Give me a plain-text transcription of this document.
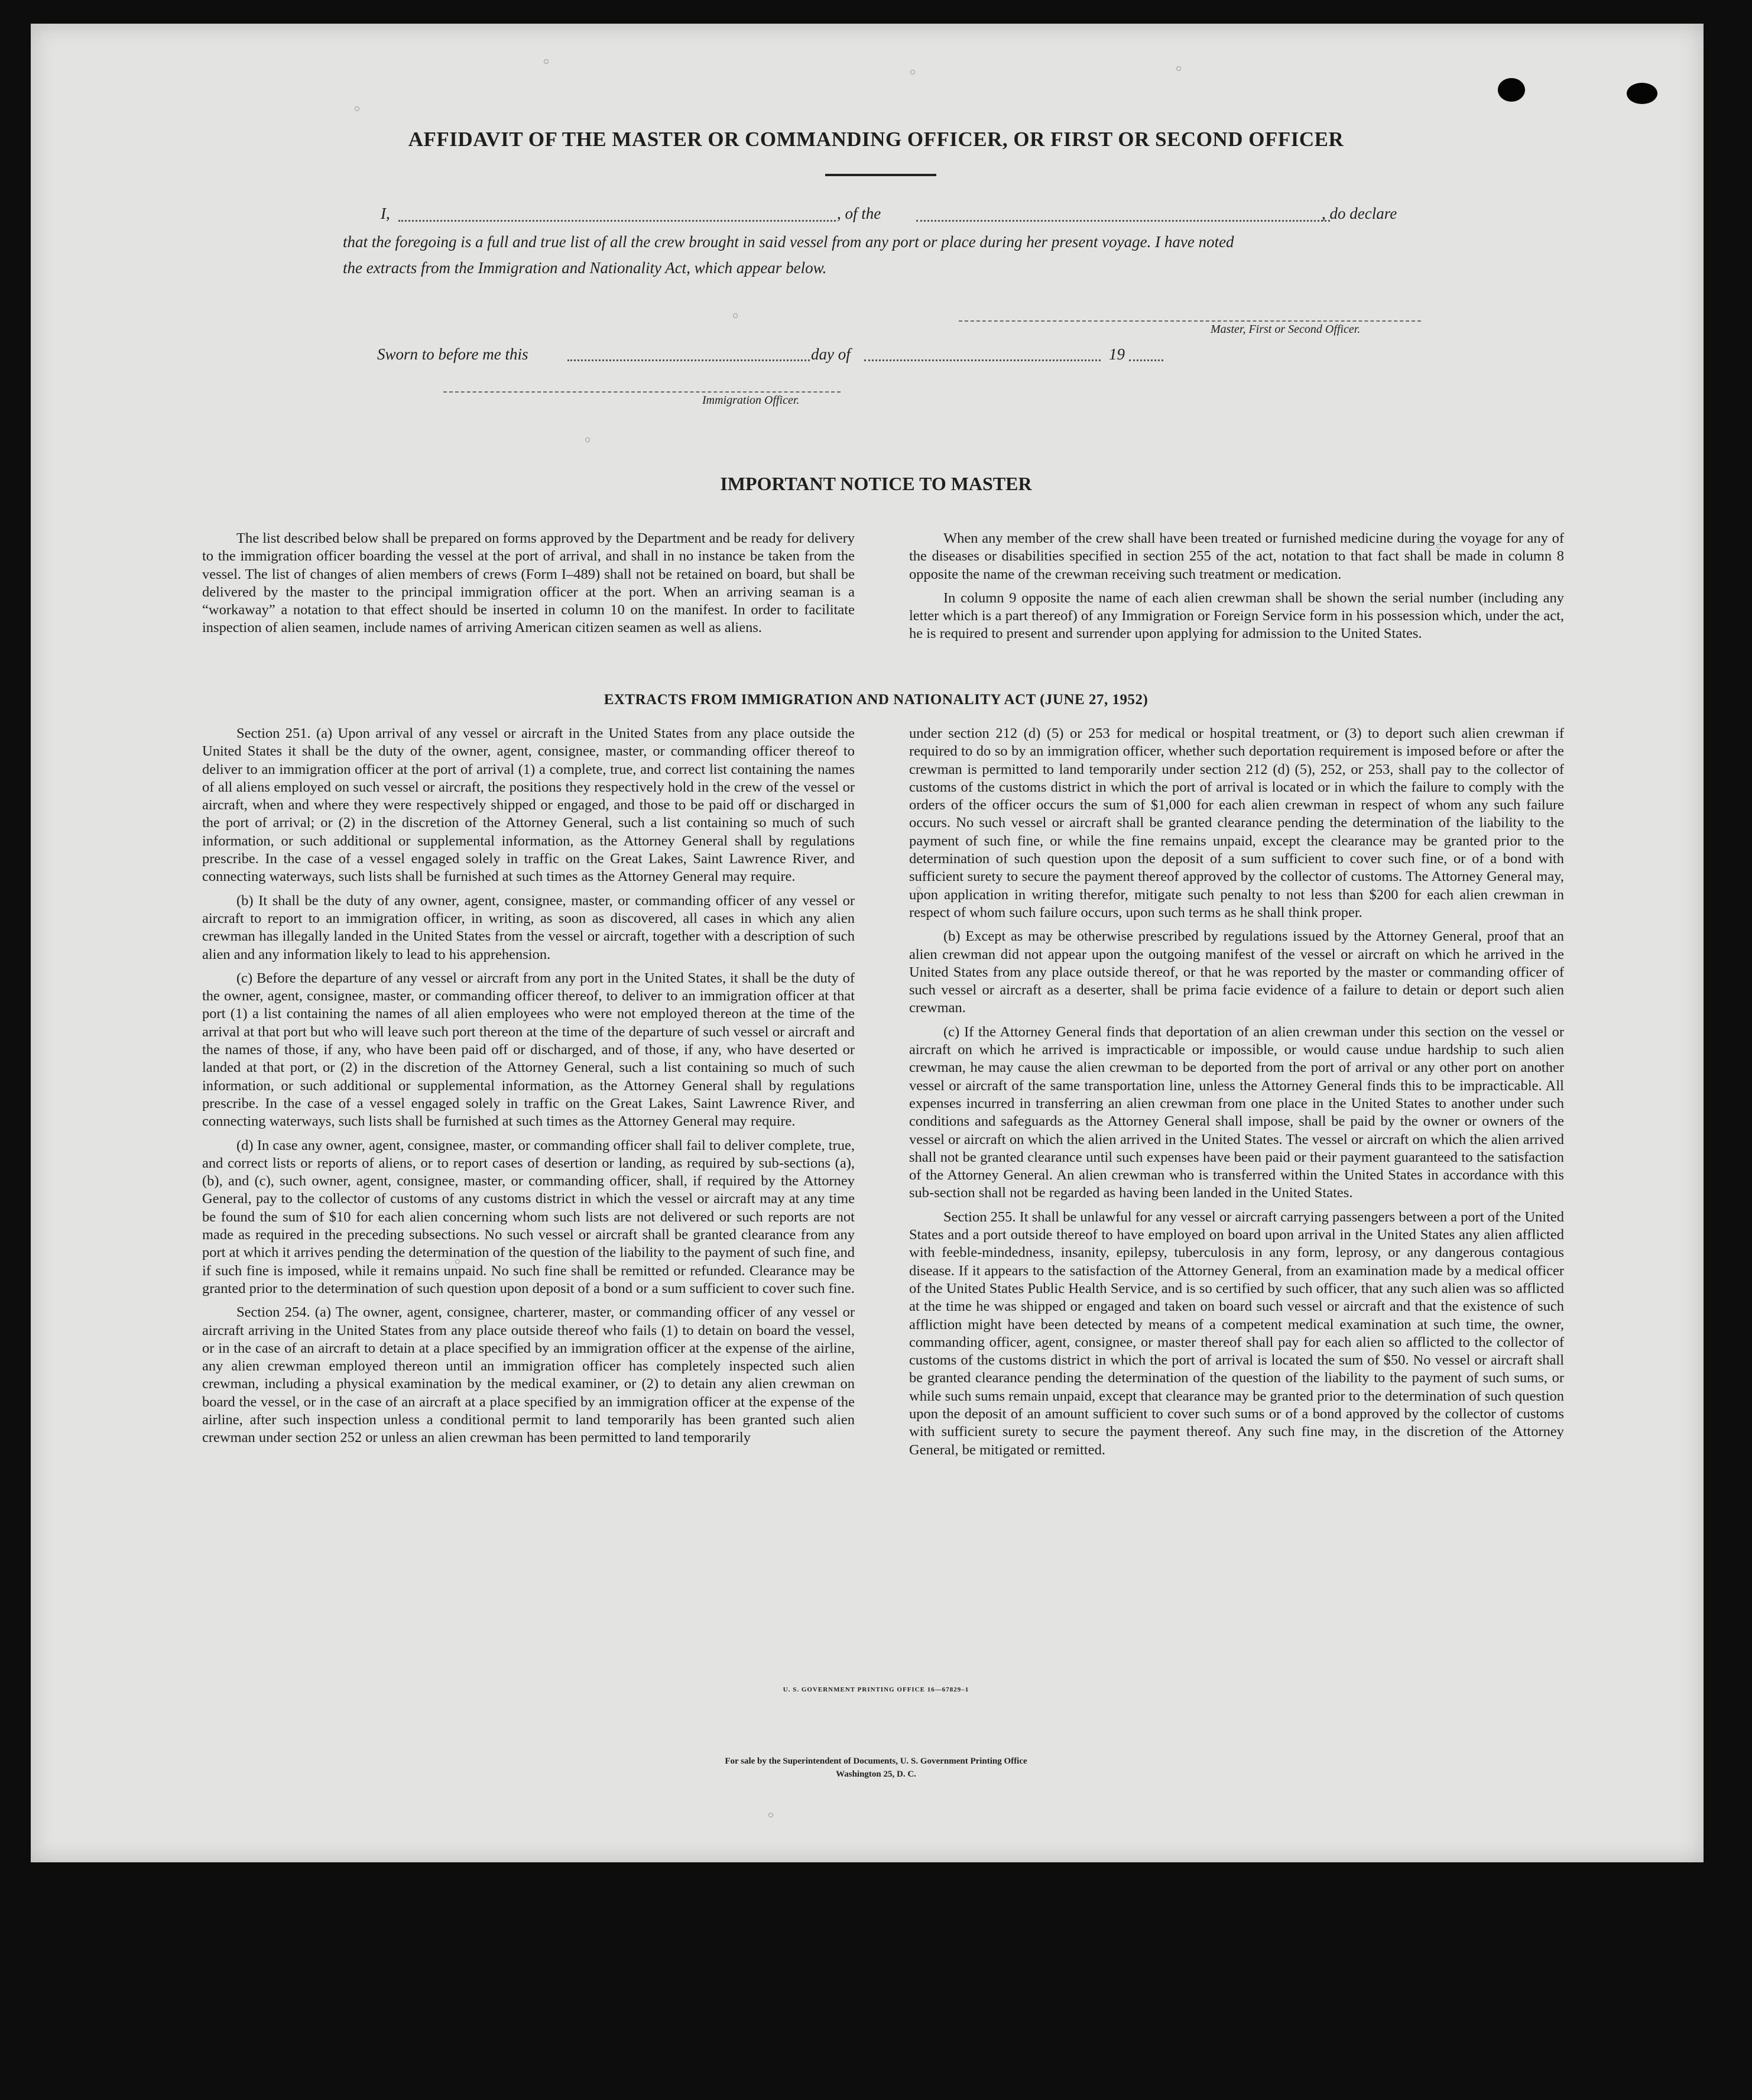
AFFIDAVIT OF THE MASTER OR COMMANDING OFFICER, OR FIRST OR SECOND OFFICER
I,	, of the	, do declare
that the foregoing is a full and true list of all the crew brought in said vessel from any port or place during her present voyage. I have noted
the extracts from the Immigration and Nationality Act, which appear below.
Master, First or Second Officer.
Sworn to before me this	day of	19
Immigration Officer.
IMPORTANT NOTICE TO MASTER

The list described below shall be prepared on forms approved by the Department and be ready for delivery to the immigration officer boarding the vessel at the port of arrival, and shall in no instance be taken from the vessel. The list of changes of alien members of crews (Form I–489) shall not be retained on board, but shall be delivered by the master to the principal immigration officer at the port. When an arriving seaman is a “workaway” a notation to that effect should be inserted in column 10 on the manifest. In order to facilitate inspection of alien seamen, include names of arriving American citizen seamen as well as aliens.

When any member of the crew shall have been treated or furnished medicine during the voyage for any of the diseases or disabilities specified in section 255 of the act, notation to that fact shall be made in column 8 opposite the name of the crewman receiving such treatment or medication.

In column 9 opposite the name of each alien crewman shall be shown the serial number (including any letter which is a part thereof) of any Immigration or Foreign Service form in his possession which, under the act, he is required to present and surrender upon applying for admission to the United States.

EXTRACTS FROM IMMIGRATION AND NATIONALITY ACT (JUNE 27, 1952)

Section 251. (a) Upon arrival of any vessel or aircraft in the United States from any place outside the United States it shall be the duty of the owner, agent, consignee, master, or commanding officer thereof to deliver to an immigration officer at the port of arrival (1) a complete, true, and correct list containing the names of all aliens employed on such vessel or aircraft, the positions they respectively hold in the crew of the vessel or aircraft, when and where they were respectively shipped or engaged, and those to be paid off or discharged in the port of arrival; or (2) in the discretion of the Attorney General, such a list containing so much of such information, or such additional or supplemental information, as the Attorney General shall by regulations prescribe. In the case of a vessel engaged solely in traffic on the Great Lakes, Saint Lawrence River, and connecting waterways, such lists shall be furnished at such times as the Attorney General may require.

(b) It shall be the duty of any owner, agent, consignee, master, or commanding officer of any vessel or aircraft to report to an immigration officer, in writing, as soon as discovered, all cases in which any alien crewman has illegally landed in the United States from the vessel or aircraft, together with a description of such alien and any information likely to lead to his apprehension.

(c) Before the departure of any vessel or aircraft from any port in the United States, it shall be the duty of the owner, agent, consignee, master, or commanding officer thereof, to deliver to an immigration officer at that port (1) a list containing the names of all alien employees who were not employed thereon at the time of the arrival at that port but who will leave such port thereon at the time of the departure of such vessel or aircraft and the names of those, if any, who have been paid off or discharged, and of those, if any, who have deserted or landed at that port, or (2) in the discretion of the Attorney General, such a list containing so much of such information, or such additional or supplemental information, as the Attorney General shall by regulations prescribe. In the case of a vessel engaged solely in traffic on the Great Lakes, Saint Lawrence River, and connecting waterways, such lists shall be furnished at such times as the Attorney General may require.

(d) In case any owner, agent, consignee, master, or commanding officer shall fail to deliver complete, true, and correct lists or reports of aliens, or to report cases of desertion or landing, as required by sub-sections (a), (b), and (c), such owner, agent, consignee, master, or commanding officer, shall, if required by the Attorney General, pay to the collector of customs of any customs district in which the vessel or aircraft may at any time be found the sum of $10 for each alien concerning whom such lists are not delivered or such reports are not made as required in the preceding subsections. No such vessel or aircraft shall be granted clearance from any port at which it arrives pending the determination of the question of the liability to the payment of such fine, and if such fine is imposed, while it remains unpaid. No such fine shall be remitted or refunded. Clearance may be granted prior to the determination of such question upon deposit of a bond or a sum sufficient to cover such fine.

Section 254. (a) The owner, agent, consignee, charterer, master, or commanding officer of any vessel or aircraft arriving in the United States from any place outside thereof who fails (1) to detain on board the vessel, or in the case of an aircraft to detain at a place specified by an immigration officer at the expense of the airline, any alien crewman employed thereon until an immigration officer has completely inspected such alien crewman, including a physical examination by the medical examiner, or (2) to detain any alien crewman on board the vessel, or in the case of an aircraft at a place specified by an immigration officer at the expense of the airline, after such inspection unless a conditional permit to land temporarily has been granted such alien crewman under section 252 or unless an alien crewman has been permitted to land temporarily

under section 212 (d) (5) or 253 for medical or hospital treatment, or (3) to deport such alien crewman if required to do so by an immigration officer, whether such deportation requirement is imposed before or after the crewman is permitted to land temporarily under section 212 (d) (5), 252, or 253, shall pay to the collector of customs of the customs district in which the port of arrival is located or in which the failure to comply with the orders of the officer occurs the sum of $1,000 for each alien crewman in respect of whom any such failure occurs. No such vessel or aircraft shall be granted clearance pending the determination of the liability to the payment of such fine, or while the fine remains unpaid, except the clearance may be granted prior to the determination of such question upon the deposit of a sum sufficient to cover such fine, or of a bond with sufficient surety to secure the payment thereof approved by the collector of customs. The Attorney General may, upon application in writing therefor, mitigate such penalty to not less than $200 for each alien crewman in respect of whom such failure occurs, upon such terms as he shall think proper.

(b) Except as may be otherwise prescribed by regulations issued by the Attorney General, proof that an alien crewman did not appear upon the outgoing manifest of the vessel or aircraft on which he arrived in the United States from any place outside thereof, or that he was reported by the master or commanding officer of such vessel or aircraft as a deserter, shall be prima facie evidence of a failure to detain or deport such alien crewman.

(c) If the Attorney General finds that deportation of an alien crewman under this section on the vessel or aircraft on which he arrived is impracticable or impossible, or would cause undue hardship to such alien crewman, he may cause the alien crewman to be deported from the port of arrival or any other port on another vessel or aircraft of the same transportation line, unless the Attorney General finds this to be impracticable. All expenses incurred in transferring an alien crewman from one place in the United States to another under such conditions and safeguards as the Attorney General shall impose, shall be paid by the owner or owners of the vessel or aircraft on which the alien arrived in the United States. The vessel or aircraft on which the alien arrived shall not be granted clearance until such expenses have been paid or their payment guaranteed to the satisfaction of the Attorney General. An alien crewman who is transferred within the United States in accordance with this sub-section shall not be regarded as having been landed in the United States.

Section 255. It shall be unlawful for any vessel or aircraft carrying passengers between a port of the United States and a port outside thereof to have employed on board upon arrival in the United States any alien afflicted with feeble-mindedness, insanity, epilepsy, tuberculosis in any form, leprosy, or any dangerous contagious disease. If it appears to the satisfaction of the Attorney General, from an examination made by a medical officer of the United States Public Health Service, and is so certified by such officer, that any such alien was so afflicted at the time he was shipped or engaged and taken on board such vessel or aircraft and that the existence of such affliction might have been detected by means of a competent medical examination at such time, the owner, commanding officer, agent, consignee, or master thereof shall pay for each alien so afflicted to the collector of customs of the customs district in which the port of arrival is located the sum of $50. No vessel or aircraft shall be granted clearance pending the determination of the question of the liability to the payment of such sums, or while such sums remain unpaid, except that clearance may be granted prior to the determination of such question upon the deposit of an amount sufficient to cover such sums or of a bond approved by the collector of customs with sufficient surety to secure the payment thereof. Any such fine may, in the discretion of the Attorney General, be mitigated or remitted.

U. S. GOVERNMENT PRINTING OFFICE 16—67829–1
For sale by the Superintendent of Documents, U. S. Government Printing Office
Washington 25, D. C.
